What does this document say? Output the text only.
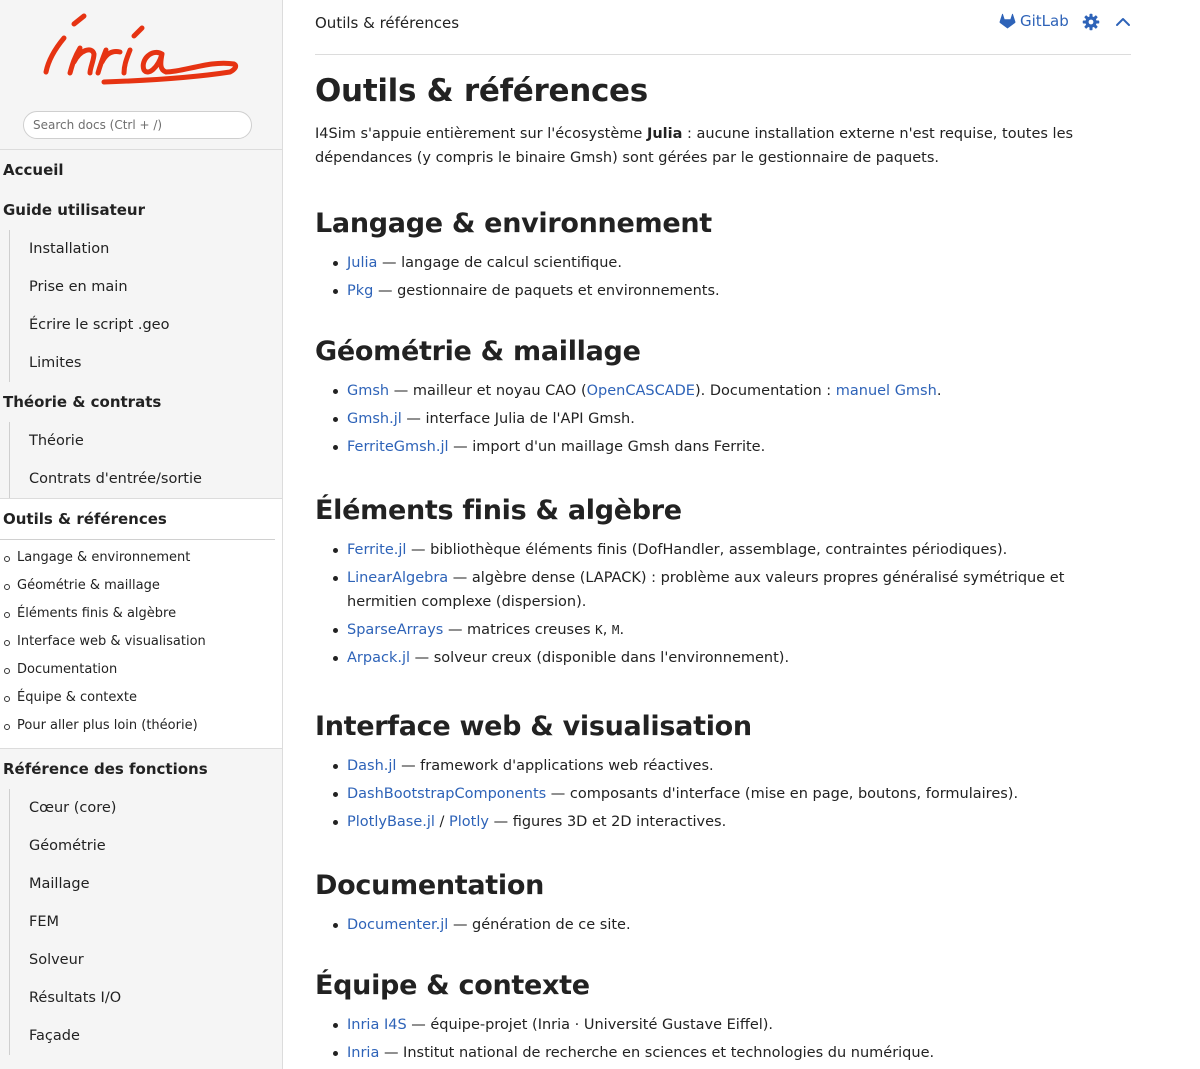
Search docs (Ctrl + /)
Accueil
Guide utilisateur
Installation
Prise en main
Écrire le script .geo
Limites
Théorie & contrats
Théorie
Contrats d'entrée/sortie
Outils & références
Langage & environnement
Géométrie & maillage
Éléments finis & algèbre
Interface web & visualisation
Documentation
Équipe & contexte
Pour aller plus loin (théorie)
Référence des fonctions
Cœur (core)
Géométrie
Maillage
FEM
Solveur
Résultats I/O
Façade
Outils & références	GitLab
Outils & références

I4Sim s'appuie entièrement sur l'écosystème Julia : aucune installation externe n'est requise, toutes les dépendances (y compris le binaire Gmsh) sont gérées par le gestionnaire de paquets.

Langage & environnement
Julia — langage de calcul scientifique.
Pkg — gestionnaire de paquets et environnements.
Géométrie & maillage
Gmsh — mailleur et noyau CAO (OpenCASCADE). Documentation : manuel Gmsh.
Gmsh.jl — interface Julia de l'API Gmsh.
FerriteGmsh.jl — import d'un maillage Gmsh dans Ferrite.
Éléments finis & algèbre
Ferrite.jl — bibliothèque éléments finis (DofHandler, assemblage, contraintes périodiques).
LinearAlgebra — algèbre dense (LAPACK) : problème aux valeurs propres généralisé symétrique et hermitien complexe (dispersion).
SparseArrays — matrices creuses K, M.
Arpack.jl — solveur creux (disponible dans l'environnement).
Interface web & visualisation
Dash.jl — framework d'applications web réactives.
DashBootstrapComponents — composants d'interface (mise en page, boutons, formulaires).
PlotlyBase.jl / Plotly — figures 3D et 2D interactives.
Documentation
Documenter.jl — génération de ce site.
Équipe & contexte
Inria I4S — équipe-projet (Inria · Université Gustave Eiffel).
Inria — Institut national de recherche en sciences et technologies du numérique.
